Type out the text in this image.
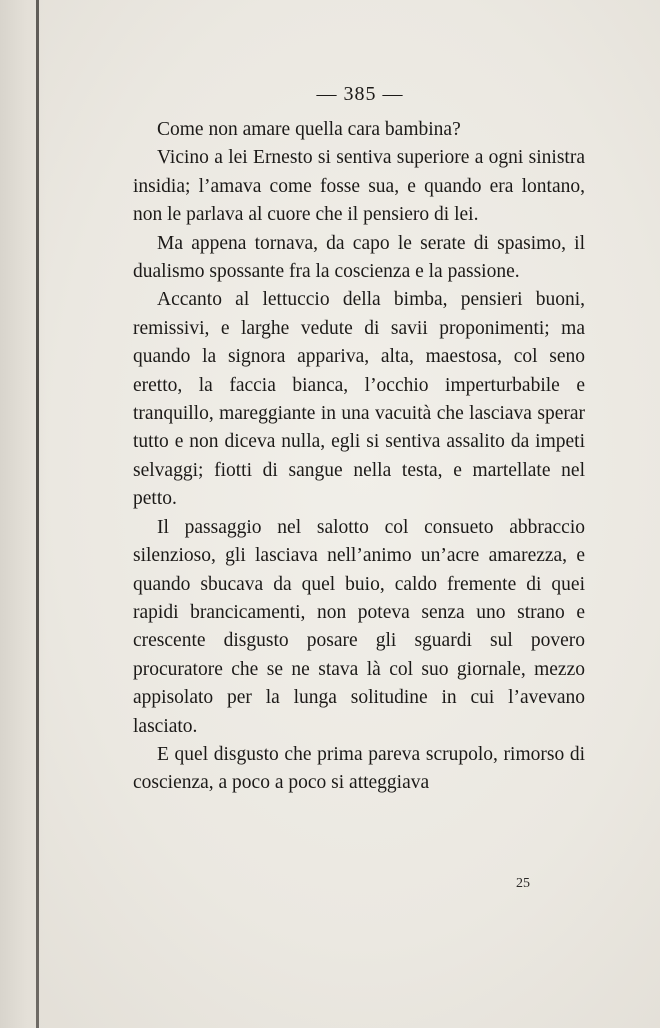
— 385 —

Come non amare quella cara bambina?

Vicino a lei Ernesto si sentiva superiore a ogni sinistra insidia; l’amava come fosse sua, e quando era lontano, non le parlava al cuore che il pensiero di lei.

Ma appena tornava, da capo le serate di spasimo, il dualismo spossante fra la coscienza e la passione.

Accanto al lettuccio della bimba, pensieri buoni, remissivi, e larghe vedute di savii proponimenti; ma quando la signora appariva, alta, maestosa, col seno eretto, la faccia bianca, l’occhio imperturbabile e tranquillo, mareggiante in una vacuità che lasciava sperar tutto e non diceva nulla, egli si sentiva assalito da impeti selvaggi; fiotti di sangue nella testa, e martellate nel petto.

Il passaggio nel salotto col consueto abbraccio silenzioso, gli lasciava nell’animo un’acre amarezza, e quando sbucava da quel buio, caldo fremente di quei rapidi brancicamenti, non poteva senza uno strano e crescente disgusto posare gli sguardi sul povero procuratore che se ne stava là col suo giornale, mezzo appisolato per la lunga solitudine in cui l’avevano lasciato.

E quel disgusto che prima pareva scrupolo, rimorso di coscienza, a poco a poco si atteggiava

25
